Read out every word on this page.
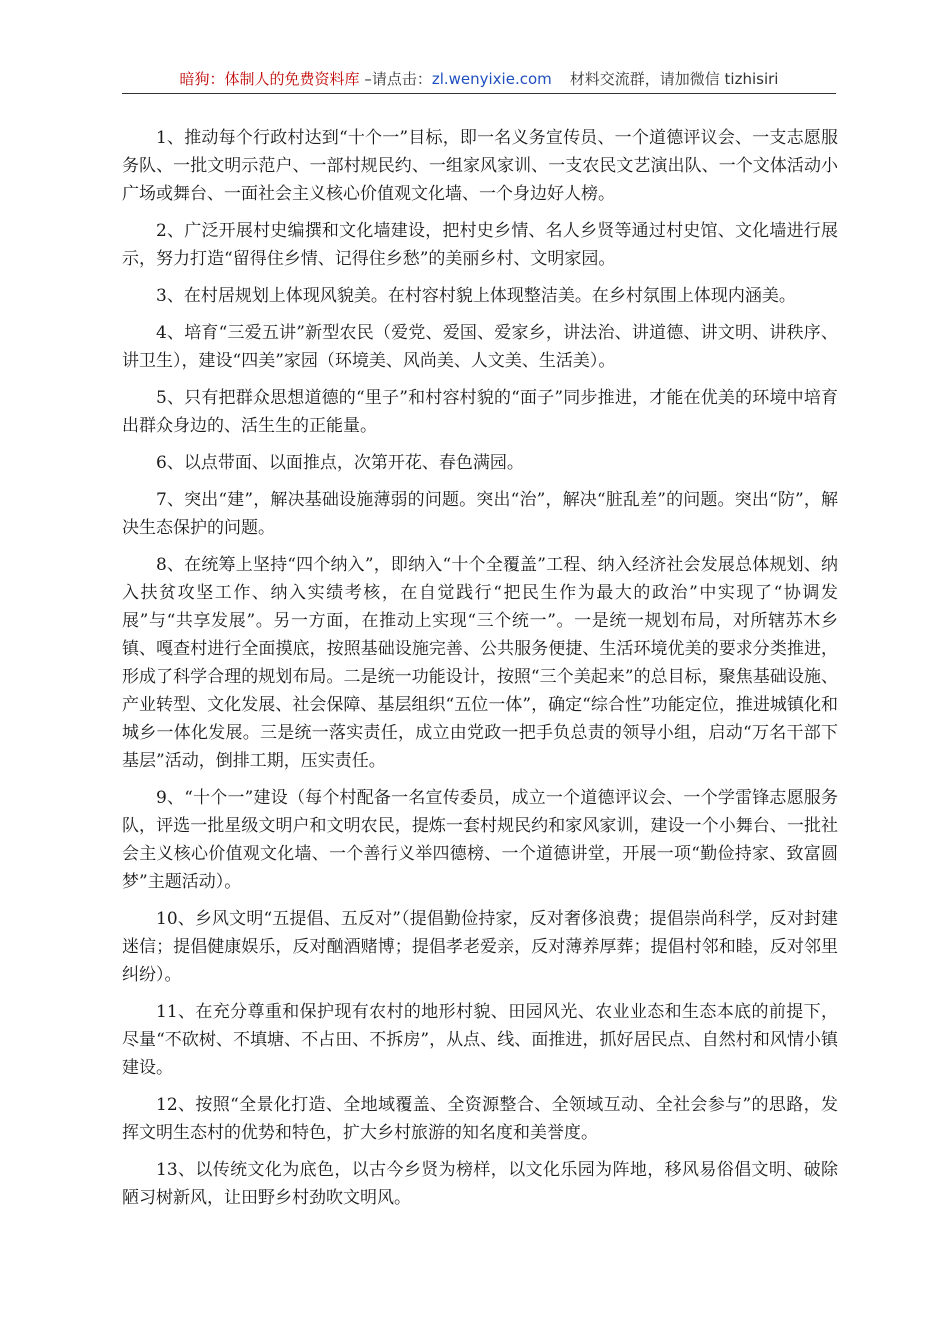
暗狗：体制人的免费资料库 –请点击：zl.wenyixie.com 材料交流群，请加微信 tizhisiri

1、推动每个行政村达到“十个一”目标，即一名义务宣传员、一个道德评议会、一支志愿服务队、一批文明示范户、一部村规民约、一组家风家训、一支农民文艺演出队、一个文体活动小广场或舞台、一面社会主义核心价值观文化墙、一个身边好人榜。

2、广泛开展村史编撰和文化墙建设，把村史乡情、名人乡贤等通过村史馆、文化墙进行展示，努力打造“留得住乡情、记得住乡愁”的美丽乡村、文明家园。

3、在村居规划上体现风貌美。在村容村貌上体现整洁美。在乡村氛围上体现内涵美。

4、培育“三爱五讲”新型农民（爱党、爱国、爱家乡，讲法治、讲道德、讲文明、讲秩序、讲卫生），建设“四美”家园（环境美、风尚美、人文美、生活美）。

5、只有把群众思想道德的“里子”和村容村貌的“面子”同步推进，才能在优美的环境中培育出群众身边的、活生生的正能量。

6、以点带面、以面推点，次第开花、春色满园。

7、突出“建”，解决基础设施薄弱的问题。突出“治”，解决“脏乱差”的问题。突出“防”，解决生态保护的问题。

8、在统筹上坚持“四个纳入”，即纳入“十个全覆盖”工程、纳入经济社会发展总体规划、纳入扶贫攻坚工作、纳入实绩考核，在自觉践行“把民生作为最大的政治”中实现了“协调发展”与“共享发展”。另一方面，在推动上实现“三个统一”。一是统一规划布局，对所辖苏木乡镇、嘎查村进行全面摸底，按照基础设施完善、公共服务便捷、生活环境优美的要求分类推进，形成了科学合理的规划布局。二是统一功能设计，按照“三个美起来”的总目标，聚焦基础设施、产业转型、文化发展、社会保障、基层组织“五位一体”，确定“综合性”功能定位，推进城镇化和城乡一体化发展。三是统一落实责任，成立由党政一把手负总责的领导小组，启动“万名干部下基层”活动，倒排工期，压实责任。

9、“十个一”建设（每个村配备一名宣传委员，成立一个道德评议会、一个学雷锋志愿服务队，评选一批星级文明户和文明农民，提炼一套村规民约和家风家训，建设一个小舞台、一批社会主义核心价值观文化墙、一个善行义举四德榜、一个道德讲堂，开展一项“勤俭持家、致富圆梦”主题活动）。

10、乡风文明“五提倡、五反对”（提倡勤俭持家，反对奢侈浪费；提倡崇尚科学，反对封建迷信；提倡健康娱乐，反对酗酒赌博；提倡孝老爱亲，反对薄养厚葬；提倡村邻和睦，反对邻里纠纷）。

11、在充分尊重和保护现有农村的地形村貌、田园风光、农业业态和生态本底的前提下，尽量“不砍树、不填塘、不占田、不拆房”，从点、线、面推进，抓好居民点、自然村和风情小镇建设。

12、按照“全景化打造、全地域覆盖、全资源整合、全领域互动、全社会参与”的思路，发挥文明生态村的优势和特色，扩大乡村旅游的知名度和美誉度。

13、以传统文化为底色，以古今乡贤为榜样，以文化乐园为阵地，移风易俗倡文明、破除陋习树新风，让田野乡村劲吹文明风。
